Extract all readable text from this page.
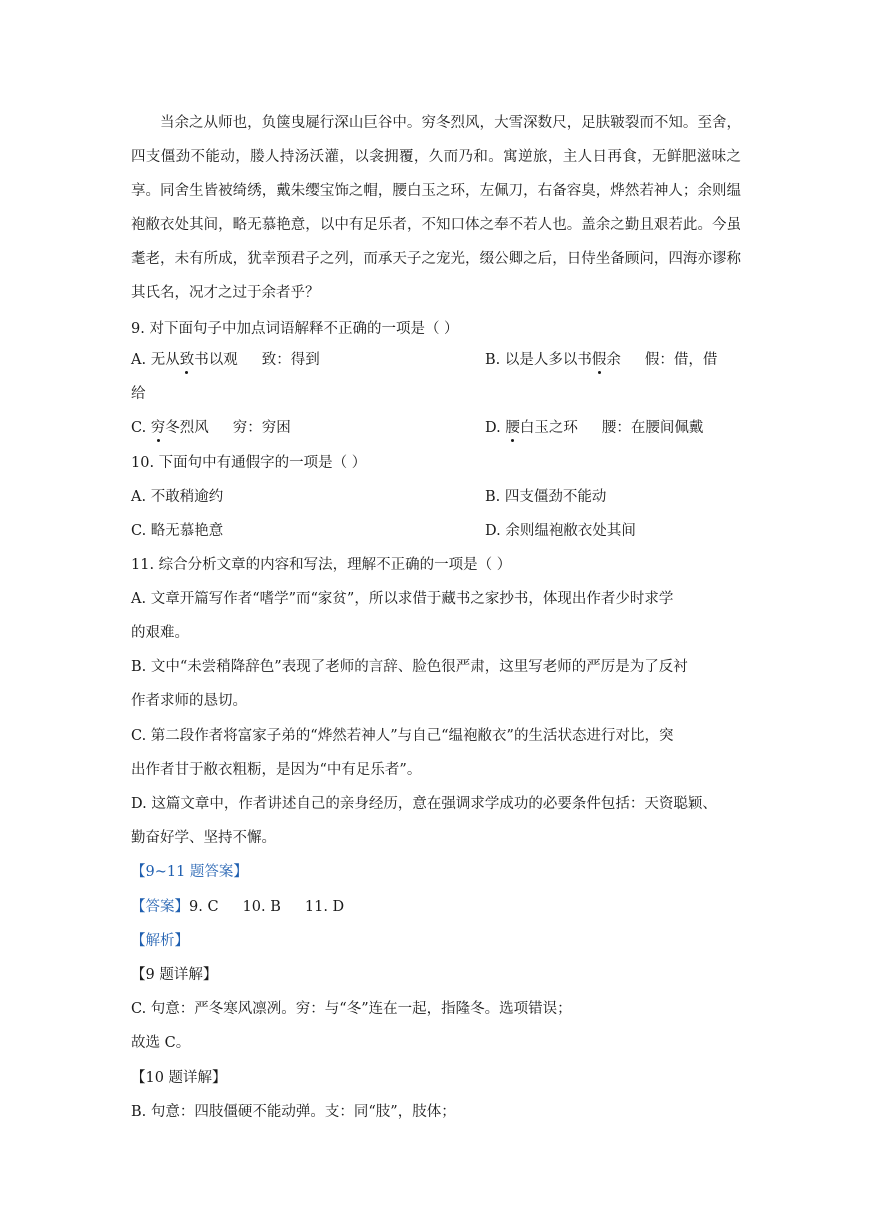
当余之从师也，负箧曳屣行深山巨谷中。穷冬烈风，大雪深数尺，足肤皲裂而不知。至舍，四支僵劲不能动，媵人持汤沃灌，以衾拥覆，久而乃和。寓逆旅，主人日再食，无鲜肥滋味之享。同舍生皆被绮绣，戴朱缨宝饰之帽，腰白玉之环，左佩刀，右备容臭，烨然若神人；余则缊袍敝衣处其间，略无慕艳意，以中有足乐者，不知口体之奉不若人也。盖余之勤且艰若此。今虽耄老，未有所成，犹幸预君子之列，而承天子之宠光，缀公卿之后，日侍坐备顾问，四海亦谬称其氏名，况才之过于余者乎？
9. 对下面句子中加点词语解释不正确的一项是（ ）
A. 无从致书以观 致：得到	B. 以是人多以书假余 假：借，借
给
C. 穷冬烈风 穷：穷困	D. 腰白玉之环 腰：在腰间佩戴
10. 下面句中有通假字的一项是（ ）
A. 不敢稍逾约	B. 四支僵劲不能动
C. 略无慕艳意	D. 余则缊袍敝衣处其间
11. 综合分析文章的内容和写法，理解不正确的一项是（ ）
A. 文章开篇写作者“嗜学”而“家贫”，所以求借于藏书之家抄书，体现出作者少时求学
的艰难。
B. 文中“未尝稍降辞色”表现了老师的言辞、脸色很严肃，这里写老师的严厉是为了反衬
作者求师的恳切。
C. 第二段作者将富家子弟的“烨然若神人”与自己“缊袍敝衣”的生活状态进行对比，突
出作者甘于敝衣粗粝，是因为“中有足乐者”。
D. 这篇文章中，作者讲述自己的亲身经历，意在强调求学成功的必要条件包括：天资聪颖、
勤奋好学、坚持不懈。
【9~11 题答案】
【答案】9. C 10. B 11. D
【解析】
【9 题详解】
C. 句意：严冬寒风凛冽。穷：与“冬”连在一起，指隆冬。选项错误；
故选 C。
【10 题详解】
B. 句意：四肢僵硬不能动弹。支：同“肢”，肢体；
